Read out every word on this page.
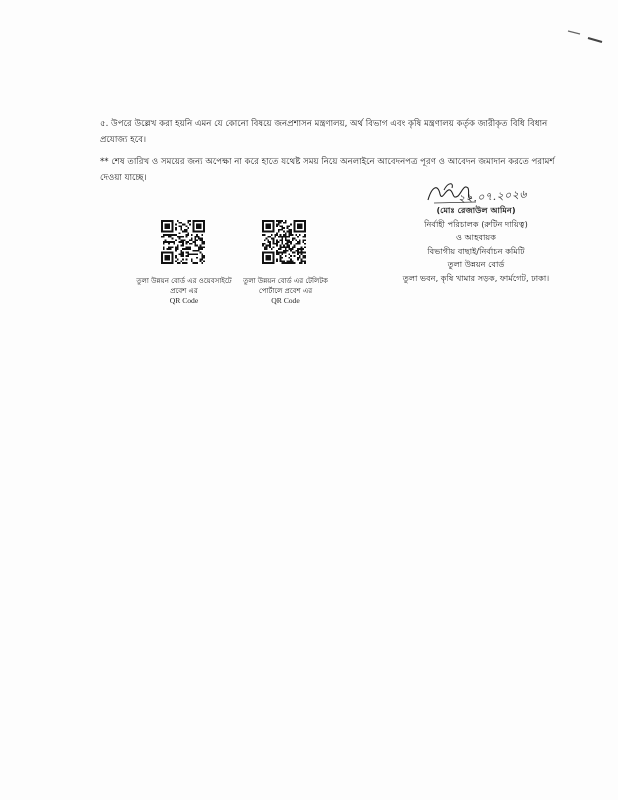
৫. উপরে উল্লেখ করা হয়নি এমন যে কোনো বিষয়ে জনপ্রশাসন মন্ত্রণালয়, অর্থ বিভাগ এবং কৃষি মন্ত্রণালয় কর্তৃক জারীকৃত বিধি বিধান প্রযোজ্য হবে।

** শেষ তারিখ ও সময়ের জন্য অপেক্ষা না করে হাতে যথেষ্ট সময় নিয়ে অনলাইনে আবেদনপত্র পূরণ ও আবেদন জমাদান করতে পরামর্শ দেওয়া যাচ্ছে।

তুলা উন্নয়ন বোর্ড এর ওয়েবসাইটে প্রবেশ এর
QR Code
তুলা উন্নয়ন বোর্ড এর টেলিটক পোর্টালে প্রবেশ এর
QR Code
২২.০৭.২০২৬
(মোঃ রেজাউল আমিন)
নির্বাহী পরিচালক (রুটিন দায়িত্ব)
ও আহবায়ক
বিভাগীয় বাছাই/নির্বাচন কমিটি
তুলা উন্নয়ন বোর্ড
তুলা ভবন, কৃষি খামার সড়ক, ফার্মগেট, ঢাকা।
